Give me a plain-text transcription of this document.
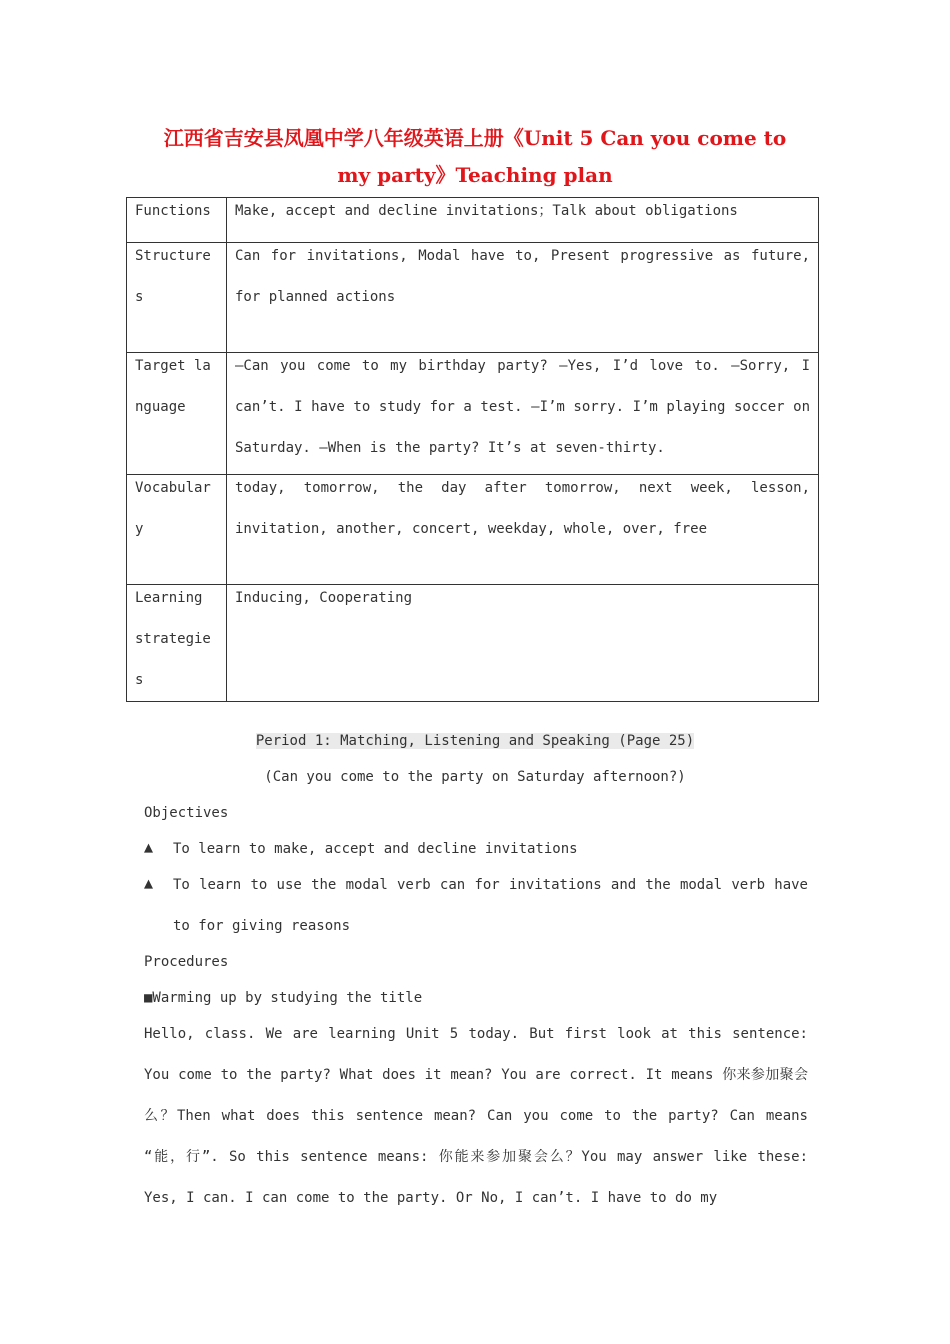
江西省吉安县凤凰中学八年级英语上册《Unit 5 Can you come to
my party》Teaching plan
Functions	Make, accept and decline invitations；Talk about obligations

Structures	Can for invitations, Modal have to, Present progressive as future, for planned actions

Target language	—Can you come to my birthday party? —Yes, I’d love to. —Sorry, I can’t. I have to study for a test. —I’m sorry. I’m playing soccer on Saturday. —When is the party? It’s at seven-thirty.

Vocabulary	today, tomorrow, the day after tomorrow, next week, lesson, invitation, another, concert, weekday, whole, over, free

Learning strategies	Inducing, Cooperating
Period 1: Matching, Listening and Speaking (Page 25)
(Can you come to the party on Saturday afternoon?)
Objectives
▲ To learn to make, accept and decline invitations
▲ To learn to use the modal verb can for invitations and the modal verb have to for giving reasons
Procedures
■Warming up by studying the title
Hello, class. We are learning Unit 5 today. But first look at this sentence: You come to the party? What does it mean? You are correct. It means 你来参加聚会么？Then what does this sentence mean? Can you come to the party? Can means “能，行”. So this sentence means: 你能来参加聚会么？You may answer like these: Yes, I can. I can come to the party. Or No, I can’t. I have to do my
